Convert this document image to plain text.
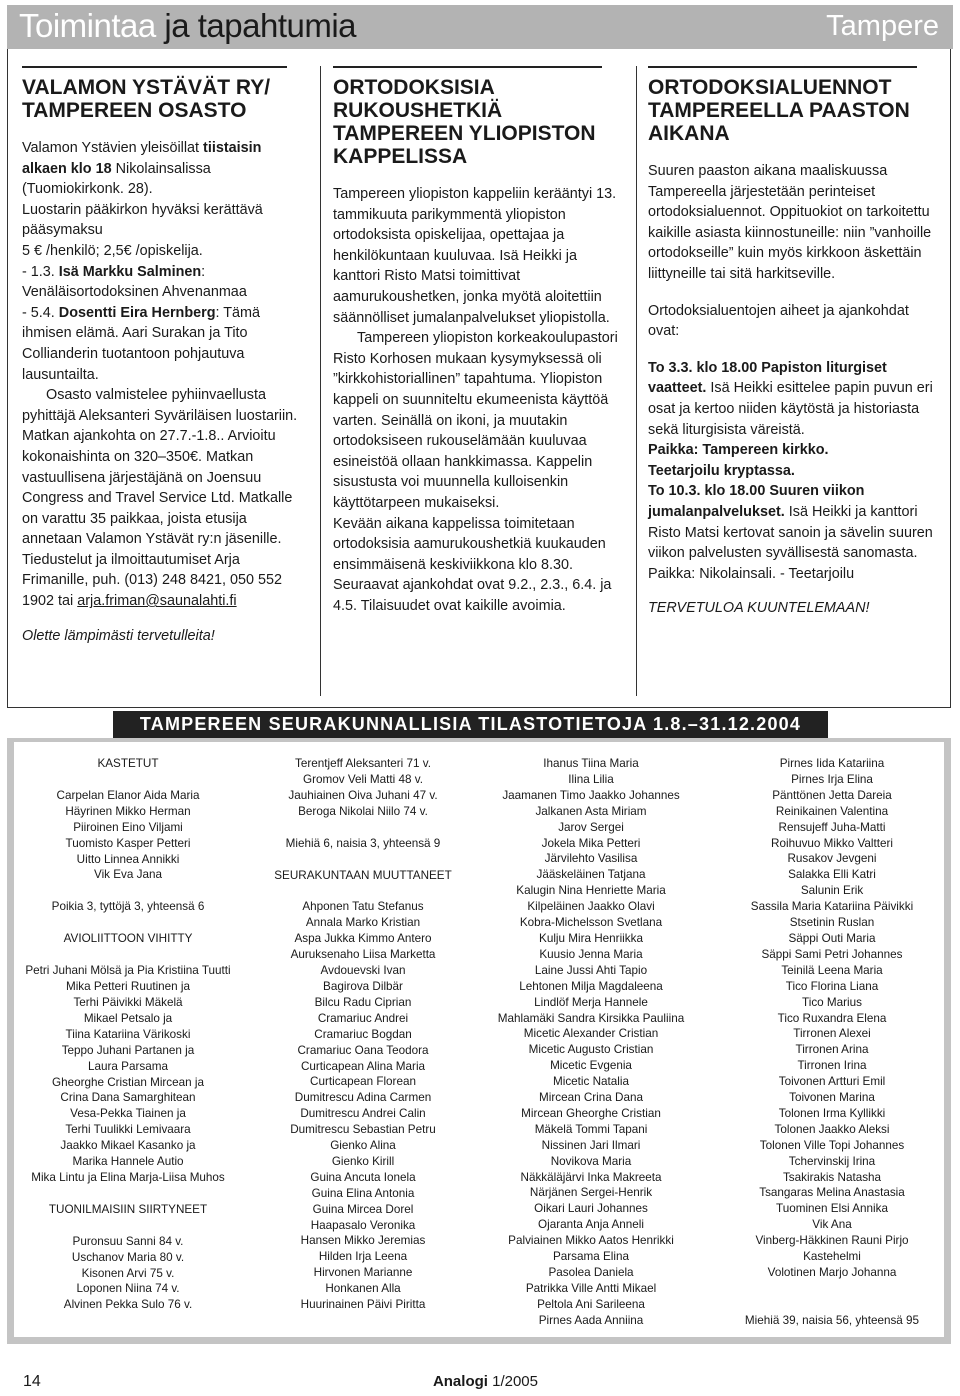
Toimintaa ja tapahtumia	Tampere
VALAMON YSTÄVÄT RY/ TAMPEREEN OSASTO

Valamon Ystävien yleisöillat tiistaisin alkaen klo 18 Nikolainsalissa (Tuomiokirkonk. 28).

Luostarin pääkirkon hyväksi kerättävä pääsymaksu

5 € /henkilö; 2,5€ /opiskelija.

- 1.3. Isä Markku Salminen: Venäläisortodoksinen Ahvenanmaa

- 5.4. Dosentti Eira Hernberg: Tämä ihmisen elämä. Aari Surakan ja Tito Collianderin tuotantoon pohjautuva lausuntailta.

Osasto valmistelee pyhiinvaellusta pyhittäjä Aleksanteri Syväriläisen luostariin. Matkan ajankohta on 27.7.-1.8.. Arvioitu kokonaishinta on 320–350€. Matkan vastuullisena järjestäjänä on Joensuu Congress and Travel Service Ltd. Matkalle on varattu 35 paikkaa, joista etusija annetaan Valamon Ystävät ry:n jäsenille. Tiedustelut ja ilmoittautumiset Arja Frimanille, puh. (013) 248 8421, 050 552 1902 tai arja.friman@saunalahti.fi

Olette lämpimästi tervetulleita!

ORTODOKSISIA RUKOUSHETKIÄ TAMPEREEN YLIOPISTON KAPPELISSA

Tampereen yliopiston kappeliin kerääntyi 13. tammikuuta parikymmentä yliopiston ortodoksista opiskelijaa, opettajaa ja henkilökuntaan kuuluvaa. Isä Heikki ja kanttori Risto Matsi toimittivat aamurukoushetken, jonka myötä aloitettiin säännölliset jumalanpalvelukset yliopistolla.

Tampereen yliopiston korkeakoulupastori Risto Korhosen mukaan kysymyksessä oli ”kirkkohistoriallinen” tapahtuma. Yliopiston kappeli on suunniteltu ekumeenista käyttöä varten. Seinällä on ikoni, ja muutakin ortodoksiseen rukouselämään kuuluvaa esineistöä ollaan hankkimassa. Kappelin sisustusta voi muunnella kulloisenkin käyttötarpeen mukaiseksi.

Kevään aikana kappelissa toimitetaan ortodoksisia aamurukoushetkiä kuukauden ensimmäisenä keskiviikkona klo 8.30. Seuraavat ajankohdat ovat 9.2., 2.3., 6.4. ja 4.5. Tilaisuudet ovat kaikille avoimia.

ORTODOKSIALUENNOT TAMPEREELLA PAASTON AIKANA

Suuren paaston aikana maaliskuussa Tampereella järjestetään perinteiset ortodoksialuennot. Oppituokiot on tarkoitettu kaikille asiasta kiinnostuneille: niin ”vanhoille ortodokseille” kuin myös kirkkoon äskettäin liittyneille tai sitä harkitseville.

Ortodoksialuentojen aiheet ja ajankohdat ovat:

To 3.3. klo 18.00 Papiston liturgiset vaatteet. Isä Heikki esittelee papin puvun eri osat ja kertoo niiden käytöstä ja historiasta sekä liturgisista väreistä.

Paikka: Tampereen kirkko.

Teetarjoilu kryptassa.

To 10.3. klo 18.00 Suuren viikon jumalanpalvelukset. Isä Heikki ja kanttori Risto Matsi kertovat sanoin ja sävelin suuren viikon palvelusten syvällisestä sanomasta.

Paikka: Nikolainsali. - Teetarjoilu

TERVETULOA KUUNTELEMAAN!

TAMPEREEN SEURAKUNNALLISIA TILASTOTIETOJA 1.8.–31.12.2004
KASTETUT
Carpelan Elanor Aida Maria
Häyrinen Mikko Herman
Piiroinen Eino Viljami
Tuomisto Kasper Petteri
Uitto Linnea Annikki
Vik Eva Jana
Poikia 3, tyttöjä 3, yhteensä 6
AVIOLIITTOON VIHITTY
Petri Juhani Mölsä ja Pia Kristiina Tuutti
Mika Petteri Ruutinen ja
Terhi Päivikki Mäkelä
Mikael Petsalo ja
Tiina Katariina Värikoski
Teppo Juhani Partanen ja
Laura Parsama
Gheorghe Cristian Mircean ja
Crina Dana Samarghitean
Vesa-Pekka Tiainen ja
Terhi Tuulikki Lemivaara
Jaakko Mikael Kasanko ja
Marika Hannele Autio
Mika Lintu ja Elina Marja-Liisa Muhos
TUONILMAISIIN SIIRTYNEET
Puronsuu Sanni 84 v.
Uschanov Maria 80 v.
Kisonen Arvi 75 v.
Loponen Niina 74 v.
Alvinen Pekka Sulo 76 v.
Terentjeff Aleksanteri 71 v.
Gromov Veli Matti 48 v.
Jauhiainen Oiva Juhani 47 v.
Beroga Nikolai Niilo 74 v.
Miehiä 6, naisia 3, yhteensä 9
SEURAKUNTAAN MUUTTANEET
Ahponen Tatu Stefanus
Annala Marko Kristian
Aspa Jukka Kimmo Antero
Auruksenaho Liisa Marketta
Avdouevski Ivan
Bagirova Dilbär
Bilcu Radu Ciprian
Cramariuc Andrei
Cramariuc Bogdan
Cramariuc Oana Teodora
Curticapean Alina Maria
Curticapean Florean
Dumitrescu Adina Carmen
Dumitrescu Andrei Calin
Dumitrescu Sebastian Petru
Gienko Alina
Gienko Kirill
Guina Ancuta Ionela
Guina Elina Antonia
Guina Mircea Dorel
Haapasalo Veronika
Hansen Mikko Jeremias
Hilden Irja Leena
Hirvonen Marianne
Honkanen Alla
Huurinainen Päivi Piritta
Ihanus Tiina Maria
Ilina Lilia
Jaamanen Timo Jaakko Johannes
Jalkanen Asta Miriam
Jarov Sergei
Jokela Mika Petteri
Järvilehto Vasilisa
Jääskeläinen Tatjana
Kalugin Nina Henriette Maria
Kilpeläinen Jaakko Olavi
Kobra-Michelsson Svetlana
Kulju Mira Henriikka
Kuusio Jenna Maria
Laine Jussi Ahti Tapio
Lehtonen Milja Magdaleena
Lindlöf Merja Hannele
Mahlamäki Sandra Kirsikka Pauliina
Micetic Alexander Cristian
Micetic Augusto Cristian
Micetic Evgenia
Micetic Natalia
Mircean Crina Dana
Mircean Gheorghe Cristian
Mäkelä Tommi Tapani
Nissinen Jari Ilmari
Novikova Maria
Näkkäläjärvi Inka Makreeta
Närjänen Sergei-Henrik
Oikari Lauri Johannes
Ojaranta Anja Anneli
Palviainen Mikko Aatos Henrikki
Parsama Elina
Pasolea Daniela
Patrikka Ville Antti Mikael
Peltola Ani Sarileena
Pirnes Aada Anniina
Pirnes Iida Katariina
Pirnes Irja Elina
Pänttönen Jetta Dareia
Reinikainen Valentina
Rensujeff Juha-Matti
Roihuvuo Mikko Valtteri
Rusakov Jevgeni
Salakka Elli Katri
Salunin Erik
Sassila Maria Katariina Päivikki
Stsetinin Ruslan
Säppi Outi Maria
Säppi Sami Petri Johannes
Teinilä Leena Maria
Tico Florina Liana
Tico Marius
Tico Ruxandra Elena
Tirronen Alexei
Tirronen Arina
Tirronen Irina
Toivonen Artturi Emil
Toivonen Marina
Tolonen Irma Kyllikki
Tolonen Jaakko Aleksi
Tolonen Ville Topi Johannes
Tchervinskij Irina
Tsakirakis Natasha
Tsangaras Melina Anastasia
Tuominen Elsi Annika
Vik Ana
Vinberg-Häkkinen Rauni Pirjo
Kastehelmi
Volotinen Marjo Johanna
Miehiä 39, naisia 56, yhteensä 95
14	Analogi 1/2005
